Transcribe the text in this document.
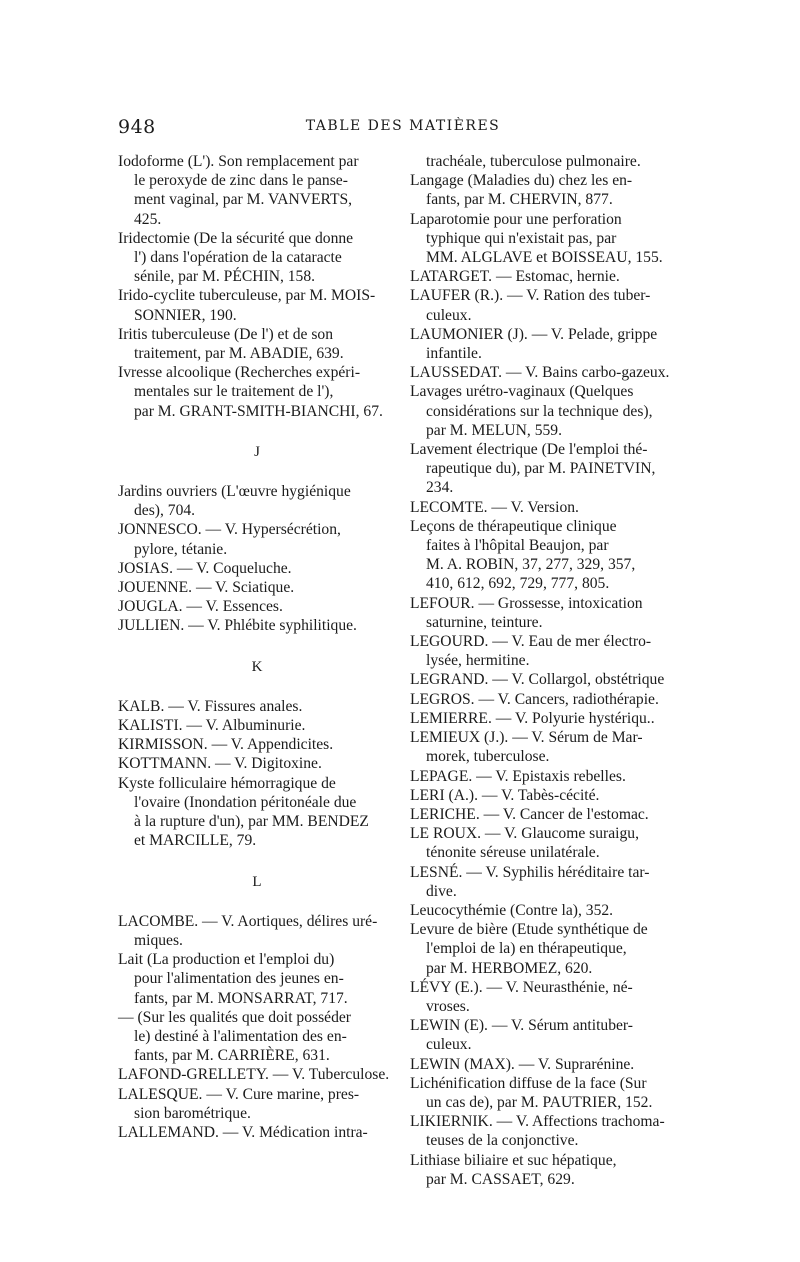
948	TABLE DES MATIÈRES
Iodoforme (L'). Son remplacement par
le peroxyde de zinc dans le panse-
ment vaginal, par M. VANVERTS,
425.
Iridectomie (De la sécurité que donne
l') dans l'opération de la cataracte
sénile, par M. PÉCHIN, 158.
Irido-cyclite tuberculeuse, par M. MOIS-
SONNIER, 190.
Iritis tuberculeuse (De l') et de son
traitement, par M. ABADIE, 639.
Ivresse alcoolique (Recherches expéri-
mentales sur le traitement de l'),
par M. GRANT-SMITH-BIANCHI, 67.
J
Jardins ouvriers (L'œuvre hygiénique
des), 704.
JONNESCO. — V. Hypersécrétion,
pylore, tétanie.
JOSIAS. — V. Coqueluche.
JOUENNE. — V. Sciatique.
JOUGLA. — V. Essences.
JULLIEN. — V. Phlébite syphilitique.
K
KALB. — V. Fissures anales.
KALISTI. — V. Albuminurie.
KIRMISSON. — V. Appendicites.
KOTTMANN. — V. Digitoxine.
Kyste folliculaire hémorragique de
l'ovaire (Inondation péritonéale due
à la rupture d'un), par MM. BENDEZ
et MARCILLE, 79.
L
LACOMBE. — V. Aortiques, délires uré-
miques.
Lait (La production et l'emploi du)
pour l'alimentation des jeunes en-
fants, par M. MONSARRAT, 717.
— (Sur les qualités que doit posséder
le) destiné à l'alimentation des en-
fants, par M. CARRIÈRE, 631.
LAFOND-GRELLETY. — V. Tuberculose.
LALESQUE. — V. Cure marine, pres-
sion barométrique.
LALLEMAND. — V. Médication intra-
trachéale, tuberculose pulmonaire.
Langage (Maladies du) chez les en-
fants, par M. CHERVIN, 877.
Laparotomie pour une perforation
typhique qui n'existait pas, par
MM. ALGLAVE et BOISSEAU, 155.
LATARGET. — Estomac, hernie.
LAUFER (R.). — V. Ration des tuber-
culeux.
LAUMONIER (J). — V. Pelade, grippe
infantile.
LAUSSEDAT. — V. Bains carbo-gazeux.
Lavages urétro-vaginaux (Quelques
considérations sur la technique des),
par M. MELUN, 559.
Lavement électrique (De l'emploi thé-
rapeutique du), par M. PAINETVIN,
234.
LECOMTE. — V. Version.
Leçons de thérapeutique clinique
faites à l'hôpital Beaujon, par
M. A. ROBIN, 37, 277, 329, 357,
410, 612, 692, 729, 777, 805.
LEFOUR. — Grossesse, intoxication
saturnine, teinture.
LEGOURD. — V. Eau de mer électro-
lysée, hermitine.
LEGRAND. — V. Collargol, obstétrique
LEGROS. — V. Cancers, radiothérapie.
LEMIERRE. — V. Polyurie hystériqu..
LEMIEUX (J.). — V. Sérum de Mar-
morek, tuberculose.
LEPAGE. — V. Epistaxis rebelles.
LERI (A.). — V. Tabès-cécité.
LERICHE. — V. Cancer de l'estomac.
LE ROUX. — V. Glaucome suraigu,
ténonite séreuse unilatérale.
LESNÉ. — V. Syphilis héréditaire tar-
dive.
Leucocythémie (Contre la), 352.
Levure de bière (Etude synthétique de
l'emploi de la) en thérapeutique,
par M. HERBOMEZ, 620.
LÉVY (E.). — V. Neurasthénie, né-
vroses.
LEWIN (E). — V. Sérum antituber-
culeux.
LEWIN (MAX). — V. Suprarénine.
Lichénification diffuse de la face (Sur
un cas de), par M. PAUTRIER, 152.
LIKIERNIK. — V. Affections trachoma-
teuses de la conjonctive.
Lithiase biliaire et suc hépatique,
par M. CASSAET, 629.
